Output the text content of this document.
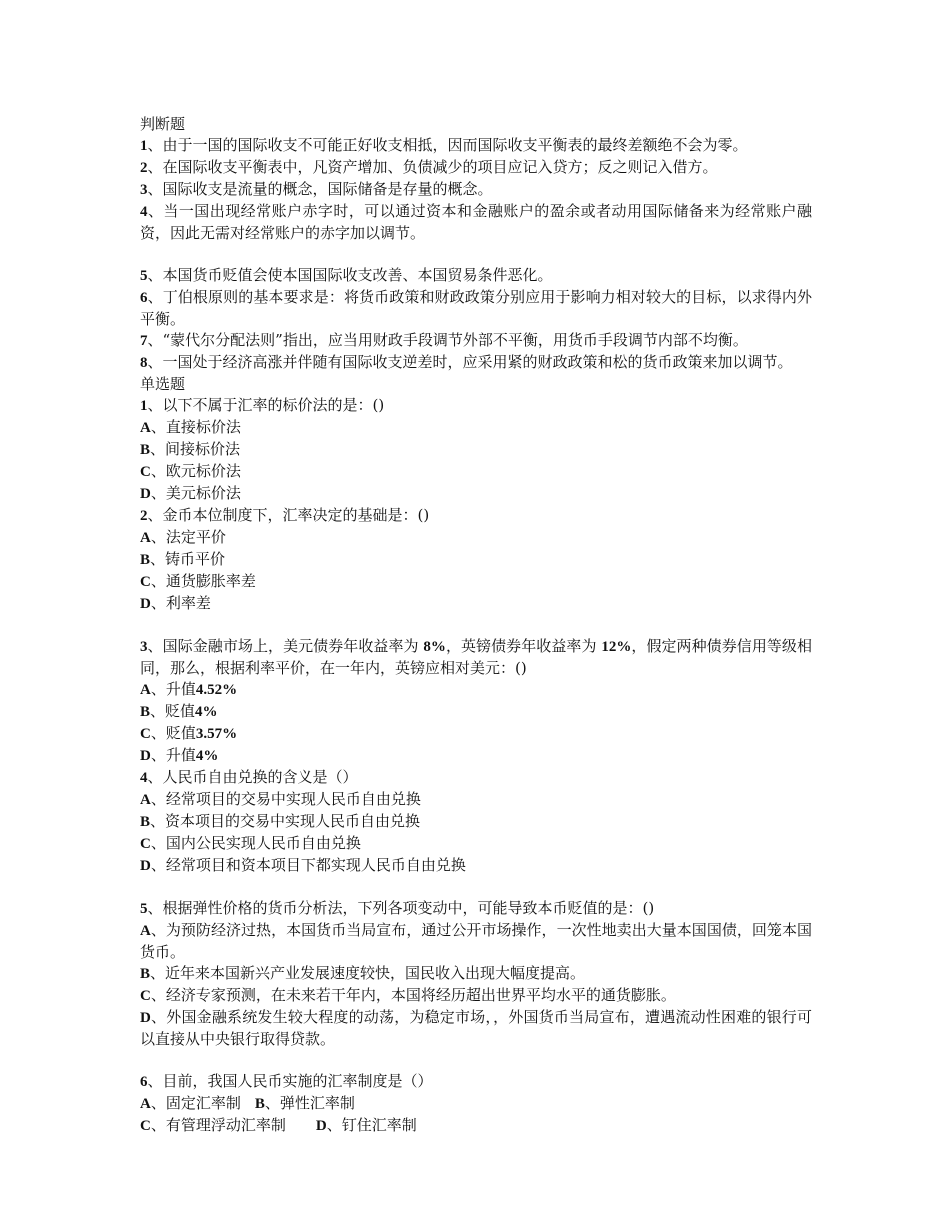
判断题
1、由于一国的国际收支不可能正好收支相抵，因而国际收支平衡表的最终差额绝不会为零。
2、在国际收支平衡表中，凡资产增加、负债减少的项目应记入贷方；反之则记入借方。
3、国际收支是流量的概念，国际储备是存量的概念。
4、当一国出现经常账户赤字时，可以通过资本和金融账户的盈余或者动用国际储备来为经常账户融资，因此无需对经常账户的赤字加以调节。
5、本国货币贬值会使本国国际收支改善、本国贸易条件恶化。
6、丁伯根原则的基本要求是：将货币政策和财政政策分别应用于影响力相对较大的目标，以求得内外平衡。
7、“蒙代尔分配法则”指出，应当用财政手段调节外部不平衡，用货币手段调节内部不均衡。
8、一国处于经济高涨并伴随有国际收支逆差时，应采用紧的财政政策和松的货币政策来加以调节。
单选题
1、以下不属于汇率的标价法的是：()
A、直接标价法
B、间接标价法
C、欧元标价法
D、美元标价法
2、金币本位制度下，汇率决定的基础是：()
A、法定平价
B、铸币平价
C、通货膨胀率差
D、利率差
3、国际金融市场上，美元债券年收益率为 8%，英镑债券年收益率为 12%，假定两种债券信用等级相同，那么，根据利率平价，在一年内，英镑应相对美元：()
A、升值4.52%
B、贬值4%
C、贬值3.57%
D、升值4%
4、人民币自由兑换的含义是（）
A、经常项目的交易中实现人民币自由兑换
B、资本项目的交易中实现人民币自由兑换
C、国内公民实现人民币自由兑换
D、经常项目和资本项目下都实现人民币自由兑换
5、根据弹性价格的货币分析法，下列各项变动中，可能导致本币贬值的是：()
A、为预防经济过热，本国货币当局宣布，通过公开市场操作，一次性地卖出大量本国国债，回笼本国货币。
B、近年来本国新兴产业发展速度较快，国民收入出现大幅度提高。
C、经济专家预测，在未来若干年内，本国将经历超出世界平均水平的通货膨胀。
D、外国金融系统发生较大程度的动荡，为稳定市场，，外国货币当局宣布，遭遇流动性困难的银行可以直接从中央银行取得贷款。
6、目前，我国人民币实施的汇率制度是（）
A、固定汇率制 B、弹性汇率制
C、有管理浮动汇率制 D、钉住汇率制
